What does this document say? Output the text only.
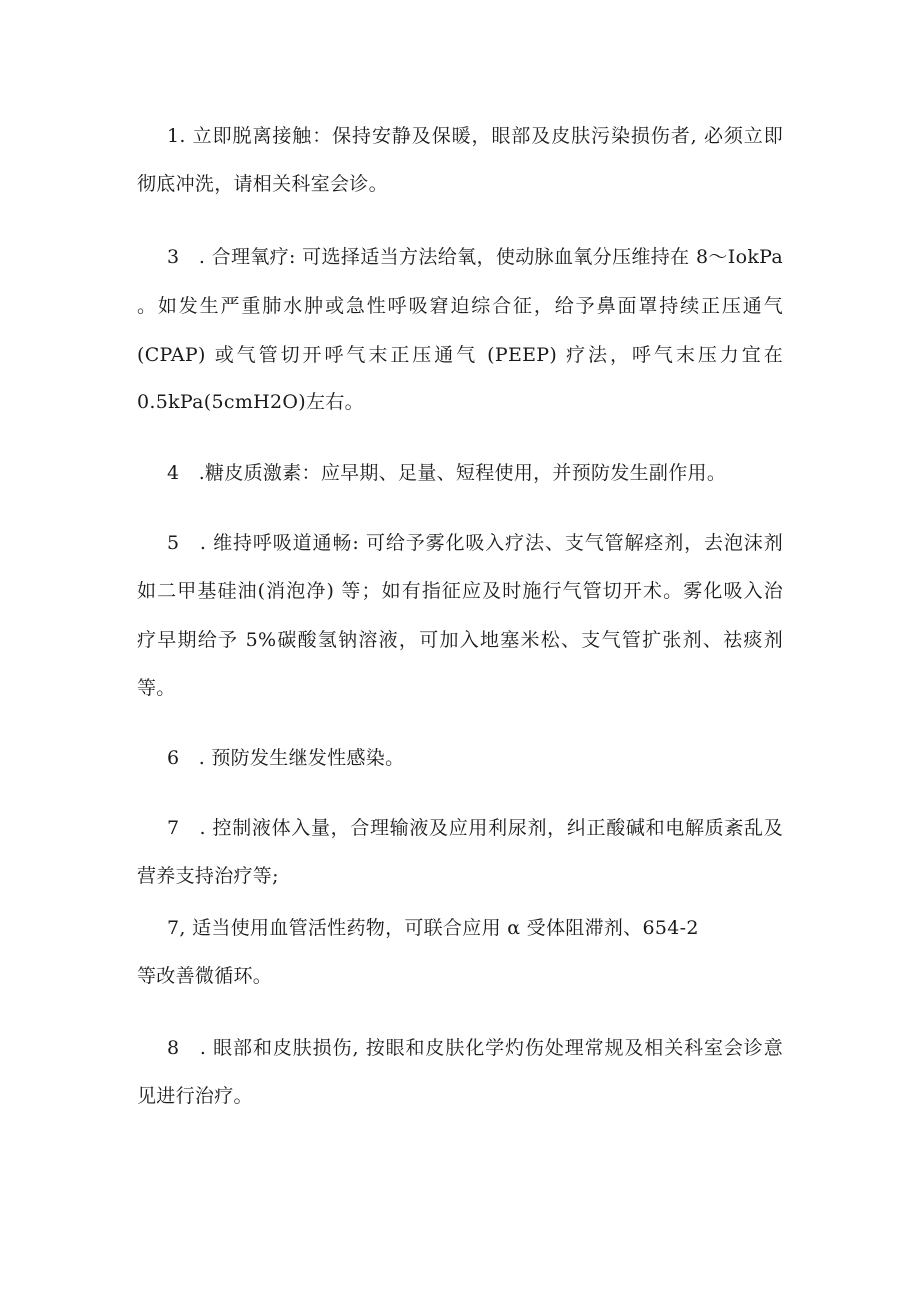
1. 立即脱离接触：保持安静及保暖，眼部及皮肤污染损伤者, 必须立即
彻底冲洗，请相关科室会诊。
3　. 合理氧疗: 可选择适当方法给氧，使动脉血氧分压维持在 8～IokPa
。如发生严重肺水肿或急性呼吸窘迫综合征，给予鼻面罩持续正压通气
(CPAP) 或气管切开呼气末正压通气 (PEEP) 疗法，呼气末压力宜在
0.5kPa(5cmH2O)左右。
4　.糖皮质激素：应早期、足量、短程使用，并预防发生副作用。
5　. 维持呼吸道通畅: 可给予雾化吸入疗法、支气管解痉剂，去泡沫剂
如二甲基硅油(消泡净) 等；如有指征应及时施行气管切开术。雾化吸入治
疗早期给予 5%碳酸氢钠溶液，可加入地塞米松、支气管扩张剂、祛痰剂
等。
6　. 预防发生继发性感染。
7　. 控制液体入量，合理输液及应用利尿剂，纠正酸碱和电解质紊乱及
营养支持治疗等;
7, 适当使用血管活性药物，可联合应用 α 受体阻滞剂、654-2
等改善微循环。
8　. 眼部和皮肤损伤, 按眼和皮肤化学灼伤处理常规及相关科室会诊意
见进行治疗。
